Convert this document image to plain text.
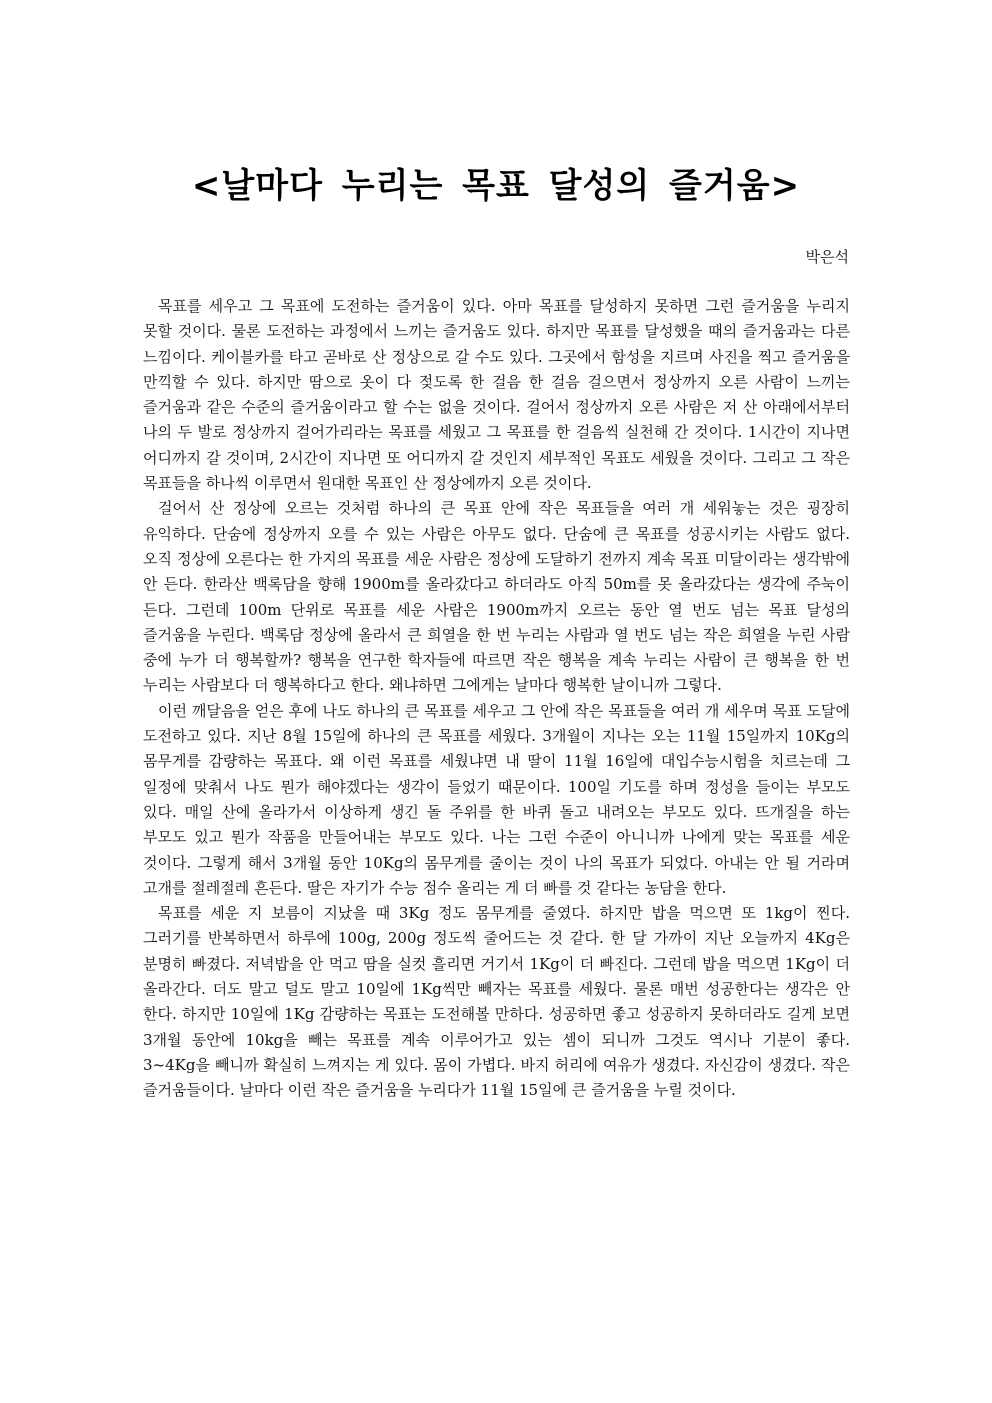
<날마다 누리는 목표 달성의 즐거움>

박은석

목표를 세우고 그 목표에 도전하는 즐거움이 있다. 아마 목표를 달성하지 못하면 그런 즐거움을 누리지 못할 것이다. 물론 도전하는 과정에서 느끼는 즐거움도 있다. 하지만 목표를 달성했을 때의 즐거움과는 다른 느낌이다. 케이블카를 타고 곧바로 산 정상으로 갈 수도 있다. 그곳에서 함성을 지르며 사진을 찍고 즐거움을 만끽할 수 있다. 하지만 땀으로 옷이 다 젖도록 한 걸음 한 걸음 걸으면서 정상까지 오른 사람이 느끼는 즐거움과 같은 수준의 즐거움이라고 할 수는 없을 것이다. 걸어서 정상까지 오른 사람은 저 산 아래에서부터 나의 두 발로 정상까지 걸어가리라는 목표를 세웠고 그 목표를 한 걸음씩 실천해 간 것이다. 1시간이 지나면 어디까지 갈 것이며, 2시간이 지나면 또 어디까지 갈 것인지 세부적인 목표도 세웠을 것이다. 그리고 그 작은 목표들을 하나씩 이루면서 원대한 목표인 산 정상에까지 오른 것이다.

걸어서 산 정상에 오르는 것처럼 하나의 큰 목표 안에 작은 목표들을 여러 개 세워놓는 것은 굉장히 유익하다. 단숨에 정상까지 오를 수 있는 사람은 아무도 없다. 단숨에 큰 목표를 성공시키는 사람도 없다. 오직 정상에 오른다는 한 가지의 목표를 세운 사람은 정상에 도달하기 전까지 계속 목표 미달이라는 생각밖에 안 든다. 한라산 백록담을 향해 1900m를 올라갔다고 하더라도 아직 50m를 못 올라갔다는 생각에 주눅이 든다. 그런데 100m 단위로 목표를 세운 사람은 1900m까지 오르는 동안 열 번도 넘는 목표 달성의 즐거움을 누린다. 백록담 정상에 올라서 큰 희열을 한 번 누리는 사람과 열 번도 넘는 작은 희열을 누린 사람 중에 누가 더 행복할까? 행복을 연구한 학자들에 따르면 작은 행복을 계속 누리는 사람이 큰 행복을 한 번 누리는 사람보다 더 행복하다고 한다. 왜냐하면 그에게는 날마다 행복한 날이니까 그렇다.

이런 깨달음을 얻은 후에 나도 하나의 큰 목표를 세우고 그 안에 작은 목표들을 여러 개 세우며 목표 도달에 도전하고 있다. 지난 8월 15일에 하나의 큰 목표를 세웠다. 3개월이 지나는 오는 11월 15일까지 10Kg의 몸무게를 감량하는 목표다. 왜 이런 목표를 세웠냐면 내 딸이 11월 16일에 대입수능시험을 치르는데 그 일정에 맞춰서 나도 뭔가 해야겠다는 생각이 들었기 때문이다. 100일 기도를 하며 정성을 들이는 부모도 있다. 매일 산에 올라가서 이상하게 생긴 돌 주위를 한 바퀴 돌고 내려오는 부모도 있다. 뜨개질을 하는 부모도 있고 뭔가 작품을 만들어내는 부모도 있다. 나는 그런 수준이 아니니까 나에게 맞는 목표를 세운 것이다. 그렇게 해서 3개월 동안 10Kg의 몸무게를 줄이는 것이 나의 목표가 되었다. 아내는 안 될 거라며 고개를 절레절레 흔든다. 딸은 자기가 수능 점수 올리는 게 더 빠를 것 같다는 농담을 한다.

목표를 세운 지 보름이 지났을 때 3Kg 정도 몸무게를 줄였다. 하지만 밥을 먹으면 또 1kg이 찐다. 그러기를 반복하면서 하루에 100g, 200g 정도씩 줄어드는 것 같다. 한 달 가까이 지난 오늘까지 4Kg은 분명히 빠졌다. 저녁밥을 안 먹고 땀을 실컷 흘리면 거기서 1Kg이 더 빠진다. 그런데 밥을 먹으면 1Kg이 더 올라간다. 더도 말고 덜도 말고 10일에 1Kg씩만 빼자는 목표를 세웠다. 물론 매번 성공한다는 생각은 안 한다. 하지만 10일에 1Kg 감량하는 목표는 도전해볼 만하다. 성공하면 좋고 성공하지 못하더라도 길게 보면 3개월 동안에 10kg을 빼는 목표를 계속 이루어가고 있는 셈이 되니까 그것도 역시나 기분이 좋다. 3~4Kg을 빼니까 확실히 느껴지는 게 있다. 몸이 가볍다. 바지 허리에 여유가 생겼다. 자신감이 생겼다. 작은 즐거움들이다. 날마다 이런 작은 즐거움을 누리다가 11월 15일에 큰 즐거움을 누릴 것이다.
